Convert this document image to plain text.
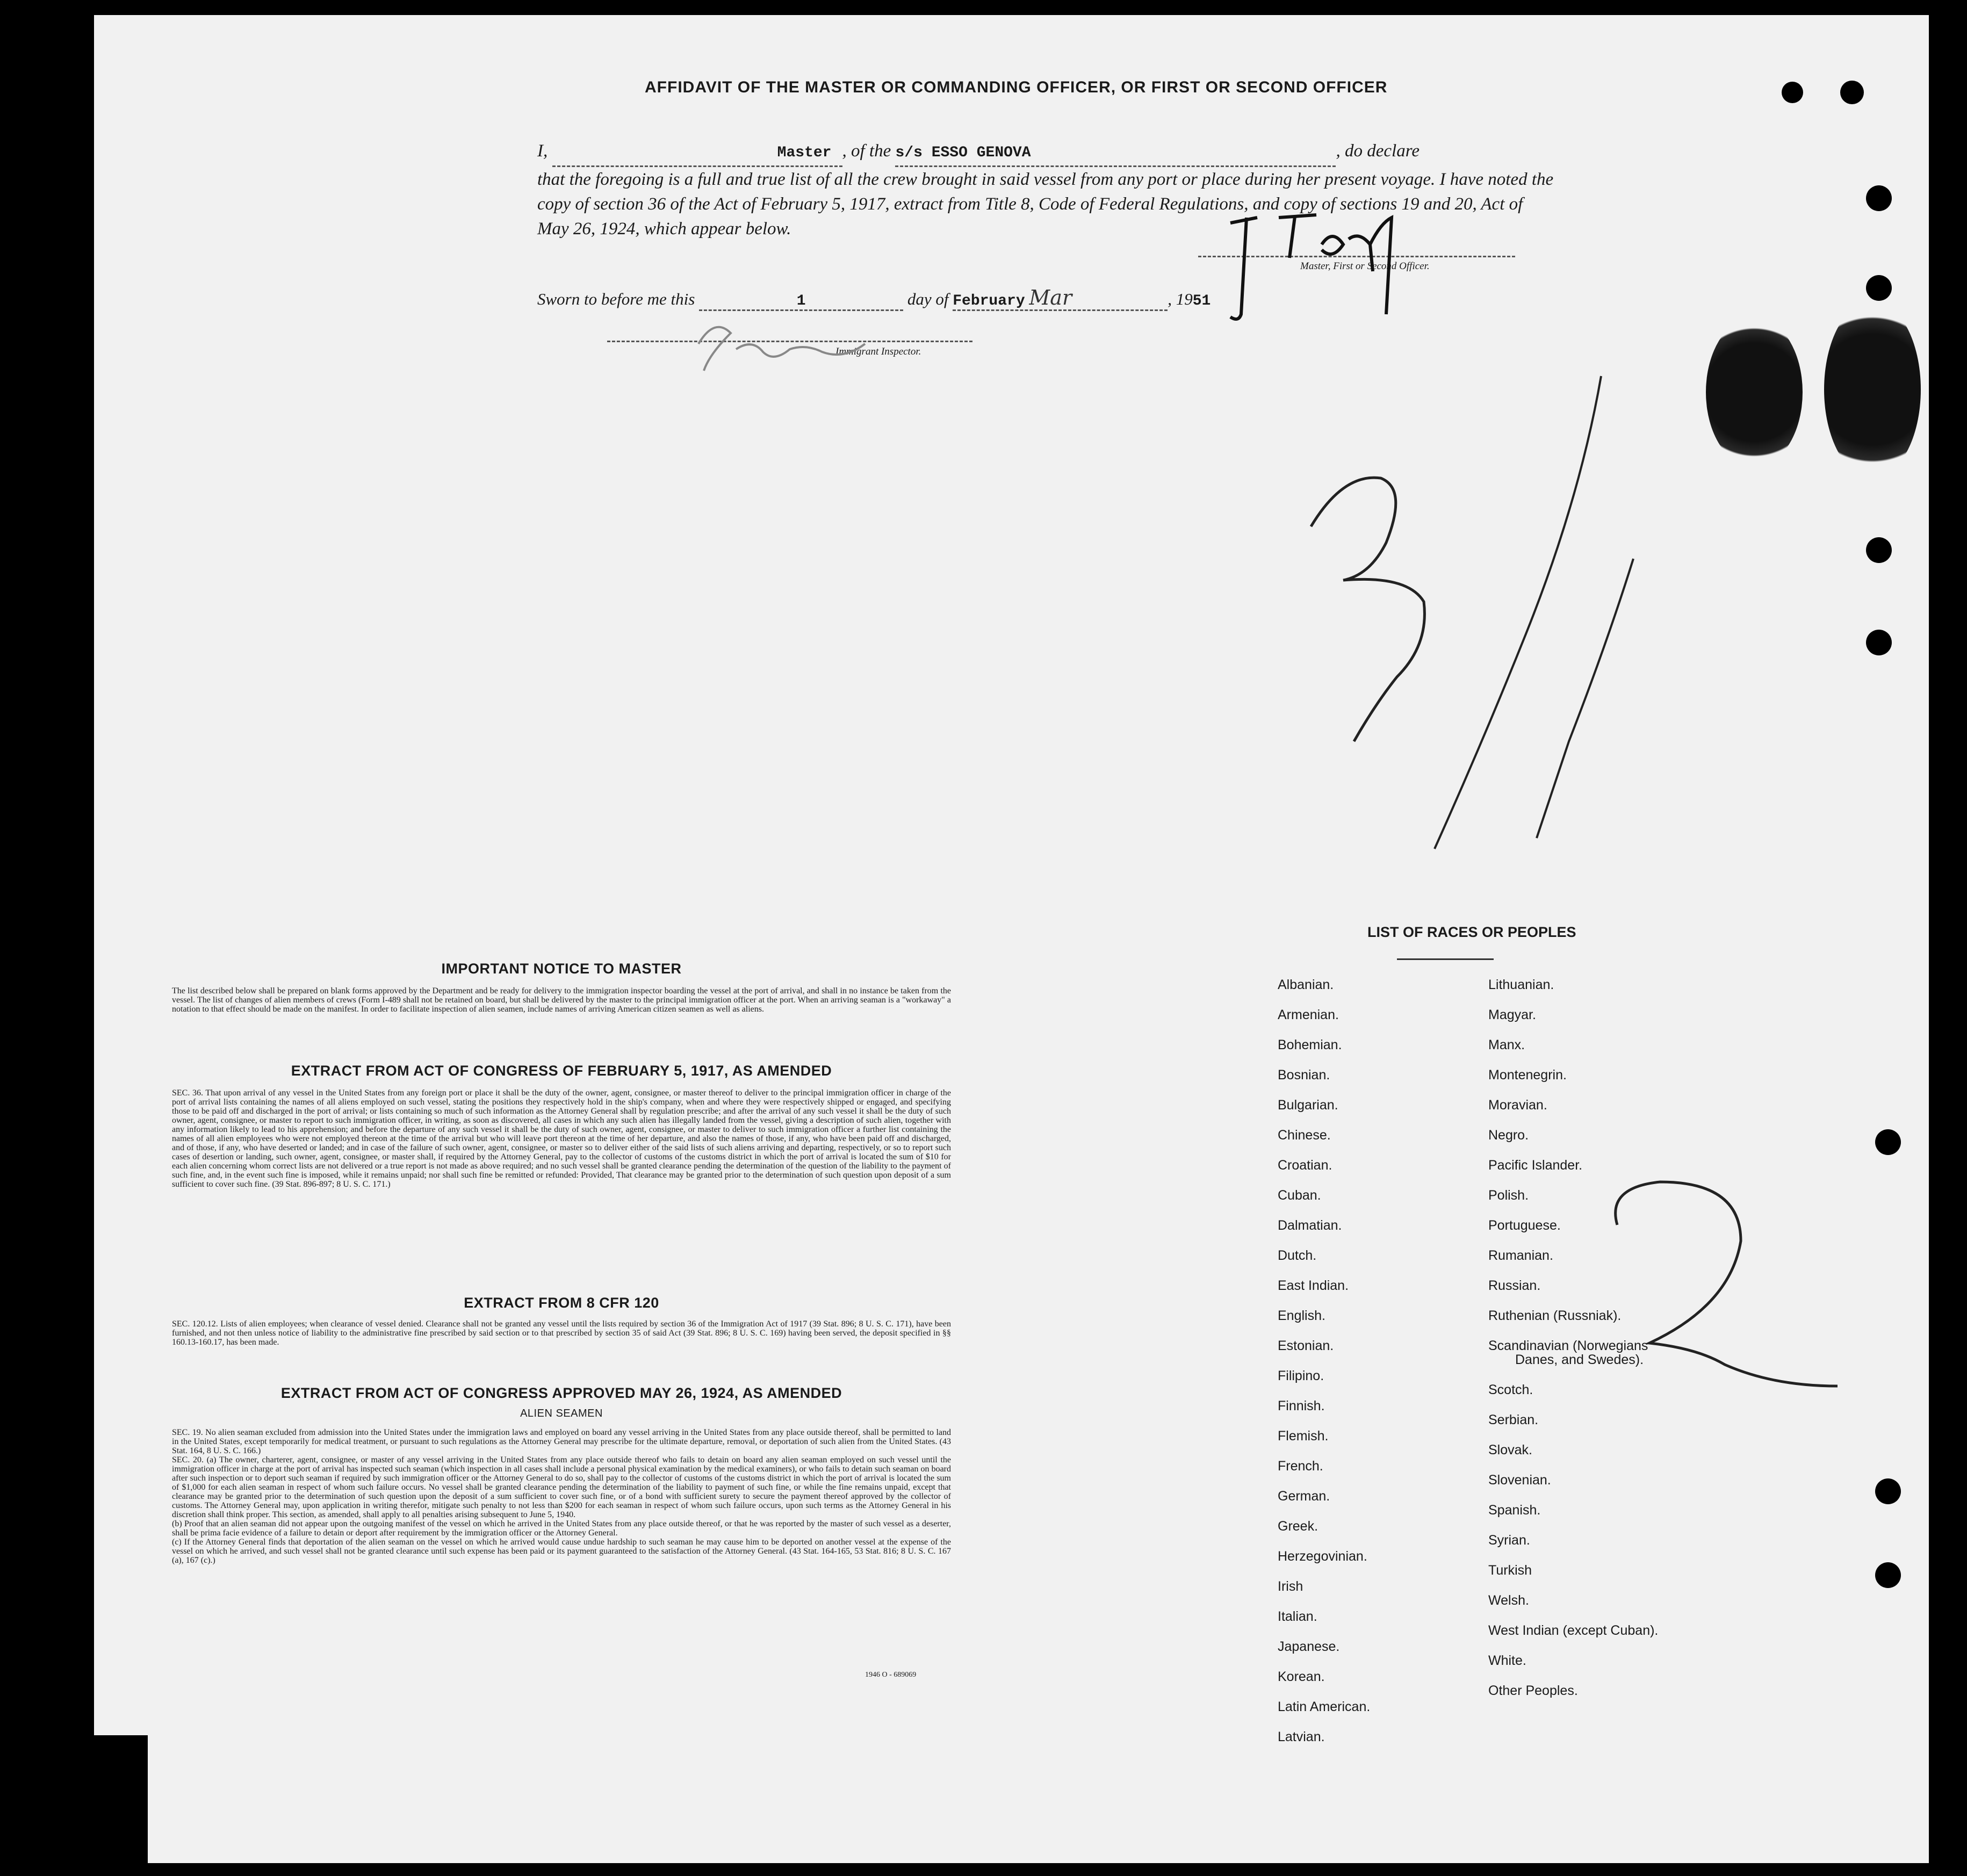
AFFIDAVIT OF THE MASTER OR COMMANDING OFFICER, OR FIRST OR SECOND OFFICER
I,	Master , of the s/s ESSO GENOVA	, do declare
that the foregoing is a full and true list of all the crew brought in said vessel from any port or place during her present voyage. I have noted the
copy of section 36 of the Act of February 5, 1917, extract from Title 8, Code of Federal Regulations, and copy of sections 19 and 20, Act of
May 26, 1924, which appear below.
Master, First or Second Officer.
Sworn to before me this	1	day of February Mar	, 1951
Immigrant Inspector.
IMPORTANT NOTICE TO MASTER
The list described below shall be prepared on blank forms approved by the Department and be ready for delivery to the immigration inspector boarding the vessel at the port of arrival, and shall in no instance be taken from the vessel. The list of changes of alien members of crews (Form I-489 shall not be retained on board, but shall be delivered by the master to the principal immigration officer at the port. When an arriving seaman is a "workaway" a notation to that effect should be made on the manifest. In order to facilitate inspection of alien seamen, include names of arriving American citizen seamen as well as aliens.
EXTRACT FROM ACT OF CONGRESS OF FEBRUARY 5, 1917, AS AMENDED
SEC. 36. That upon arrival of any vessel in the United States from any foreign port or place it shall be the duty of the owner, agent, consignee, or master thereof to deliver to the principal immigration officer in charge of the port of arrival lists containing the names of all aliens employed on such vessel, stating the positions they respectively hold in the ship's company, when and where they were respectively shipped or engaged, and specifying those to be paid off and discharged in the port of arrival; or lists containing so much of such information as the Attorney General shall by regulation prescribe; and after the arrival of any such vessel it shall be the duty of such owner, agent, consignee, or master to report to such immigration officer, in writing, as soon as discovered, all cases in which any such alien has illegally landed from the vessel, giving a description of such alien, together with any information likely to lead to his apprehension; and before the departure of any such vessel it shall be the duty of such owner, agent, consignee, or master to deliver to such immigration officer a further list containing the names of all alien employees who were not employed thereon at the time of the arrival but who will leave port thereon at the time of her departure, and also the names of those, if any, who have been paid off and discharged, and of those, if any, who have deserted or landed; and in case of the failure of such owner, agent, consignee, or master so to deliver either of the said lists of such aliens arriving and departing, respectively, or so to report such cases of desertion or landing, such owner, agent, consignee, or master shall, if required by the Attorney General, pay to the collector of customs of the customs district in which the port of arrival is located the sum of $10 for each alien concerning whom correct lists are not delivered or a true report is not made as above required; and no such vessel shall be granted clearance pending the determination of the question of the liability to the payment of such fine, and, in the event such fine is imposed, while it remains unpaid; nor shall such fine be remitted or refunded: Provided, That clearance may be granted prior to the determination of such question upon deposit of a sum sufficient to cover such fine. (39 Stat. 896-897; 8 U. S. C. 171.)
EXTRACT FROM 8 CFR 120
SEC. 120.12. Lists of alien employees; when clearance of vessel denied. Clearance shall not be granted any vessel until the lists required by section 36 of the Immigration Act of 1917 (39 Stat. 896; 8 U. S. C. 171), have been furnished, and not then unless notice of liability to the administrative fine prescribed by said section or to that prescribed by section 35 of said Act (39 Stat. 896; 8 U. S. C. 169) having been served, the deposit specified in §§ 160.13-160.17, has been made.
EXTRACT FROM ACT OF CONGRESS APPROVED MAY 26, 1924, AS AMENDED
ALIEN SEAMEN
SEC. 19. No alien seaman excluded from admission into the United States under the immigration laws and employed on board any vessel arriving in the United States from any place outside thereof, shall be permitted to land in the United States, except temporarily for medical treatment, or pursuant to such regulations as the Attorney General may prescribe for the ultimate departure, removal, or deportation of such alien from the United States. (43 Stat. 164, 8 U. S. C. 166.)
SEC. 20. (a) The owner, charterer, agent, consignee, or master of any vessel arriving in the United States from any place outside thereof who fails to detain on board any alien seaman employed on such vessel until the immigration officer in charge at the port of arrival has inspected such seaman (which inspection in all cases shall include a personal physical examination by the medical examiners), or who fails to detain such seaman on board after such inspection or to deport such seaman if required by such immigration officer or the Attorney General to do so, shall pay to the collector of customs of the customs district in which the port of arrival is located the sum of $1,000 for each alien seaman in respect of whom such failure occurs. No vessel shall be granted clearance pending the determination of the liability to payment of such fine, or while the fine remains unpaid, except that clearance may be granted prior to the determination of such question upon the deposit of a sum sufficient to cover such fine, or of a bond with sufficient surety to secure the payment thereof approved by the collector of customs. The Attorney General may, upon application in writing therefor, mitigate such penalty to not less than $200 for each seaman in respect of whom such failure occurs, upon such terms as the Attorney General in his discretion shall think proper. This section, as amended, shall apply to all penalties arising subsequent to June 5, 1940.
(b) Proof that an alien seaman did not appear upon the outgoing manifest of the vessel on which he arrived in the United States from any place outside thereof, or that he was reported by the master of such vessel as a deserter, shall be prima facie evidence of a failure to detain or deport after requirement by the immigration officer or the Attorney General.
(c) If the Attorney General finds that deportation of the alien seaman on the vessel on which he arrived would cause undue hardship to such seaman he may cause him to be deported on another vessel at the expense of the vessel on which he arrived, and such vessel shall not be granted clearance until such expense has been paid or its payment guaranteed to the satisfaction of the Attorney General. (43 Stat. 164-165, 53 Stat. 816; 8 U. S. C. 167 (a), 167 (c).)
1946 O - 689069
LIST OF RACES OR PEOPLES
Albanian.
Armenian.
Bohemian.
Bosnian.
Bulgarian.
Chinese.
Croatian.
Cuban.
Dalmatian.
Dutch.
East Indian.
English.
Estonian.
Filipino.
Finnish.
Flemish.
French.
German.
Greek.
Herzegovinian.
Irish
Italian.
Japanese.
Korean.
Latin American.
Latvian.
Lithuanian.
Magyar.
Manx.
Montenegrin.
Moravian.
Negro.
Pacific Islander.
Polish.
Portuguese.
Rumanian.
Russian.
Ruthenian (Russniak).
Scandinavian (Norwegians
Danes, and Swedes).
Scotch.
Serbian.
Slovak.
Slovenian.
Spanish.
Syrian.
Turkish
Welsh.
West Indian (except Cuban).
White.
Other Peoples.
